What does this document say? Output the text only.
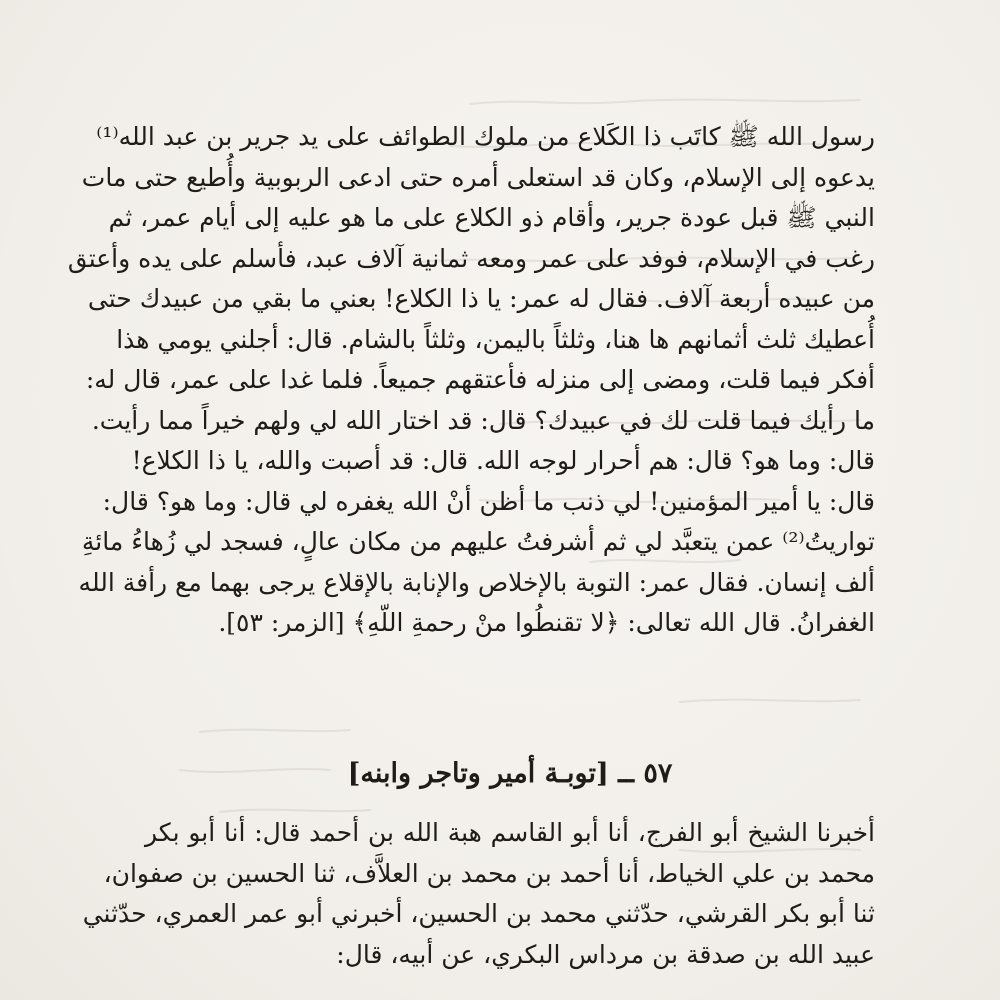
رسول الله ﷺ كاتَب ذا الكَلاع من ملوك الطوائف على يد جرير بن عبد الله⁽¹⁾
يدعوه إلى الإسلام، وكان قد استعلى أمره حتى ادعى الربوبية وأُطيع حتى مات
النبي ﷺ قبل عودة جرير، وأقام ذو الكلاع على ما هو عليه إلى أيام عمر، ثم
رغب في الإسلام، فوفد على عمر ومعه ثمانية آلاف عبد، فأسلم على يده وأعتق
من عبيده أربعة آلاف. فقال له عمر: يا ذا الكلاع! بعني ما بقي من عبيدك حتى
أُعطيك ثلث أثمانهم ها هنا، وثلثاً باليمن، وثلثاً بالشام. قال: أجلني يومي هذا
أفكر فيما قلت، ومضى إلى منزله فأعتقهم جميعاً. فلما غدا على عمر، قال له:
ما رأيك فيما قلت لك في عبيدك؟ قال: قد اختار الله لي ولهم خيراً مما رأيت.
قال: وما هو؟ قال: هم أحرار لوجه الله. قال: قد أصبت والله، يا ذا الكلاع!
قال: يا أمير المؤمنين! لي ذنب ما أظن أنْ الله يغفره لي قال: وما هو؟ قال:
تواريتُ⁽²⁾ عمن يتعبَّد لي ثم أشرفتُ عليهم من مكان عالٍ، فسجد لي زُهاءُ مائةِ
ألف إنسان. فقال عمر: التوبة بالإخلاص والإنابة بالإقلاع يرجى بهما مع رأفة الله
الغفرانُ. قال الله تعالى: ﴿لا تقنطُوا منْ رحمةِ اللّهِ﴾ [الزمر: ٥٣].
٥٧ ــ [توبـة أمير وتاجر وابنه]
أخبرنا الشيخ أبو الفرج، أنا أبو القاسم هبة الله بن أحمد قال: أنا أبو بكر
محمد بن علي الخياط، أنا أحمد بن محمد بن العلاَّف، ثنا الحسين بن صفوان،
ثنا أبو بكر القرشي، حدّثني محمد بن الحسين، أخبرني أبو عمر العمري، حدّثني
عبيد الله بن صدقة بن مرداس البكري، عن أبيه، قال:
